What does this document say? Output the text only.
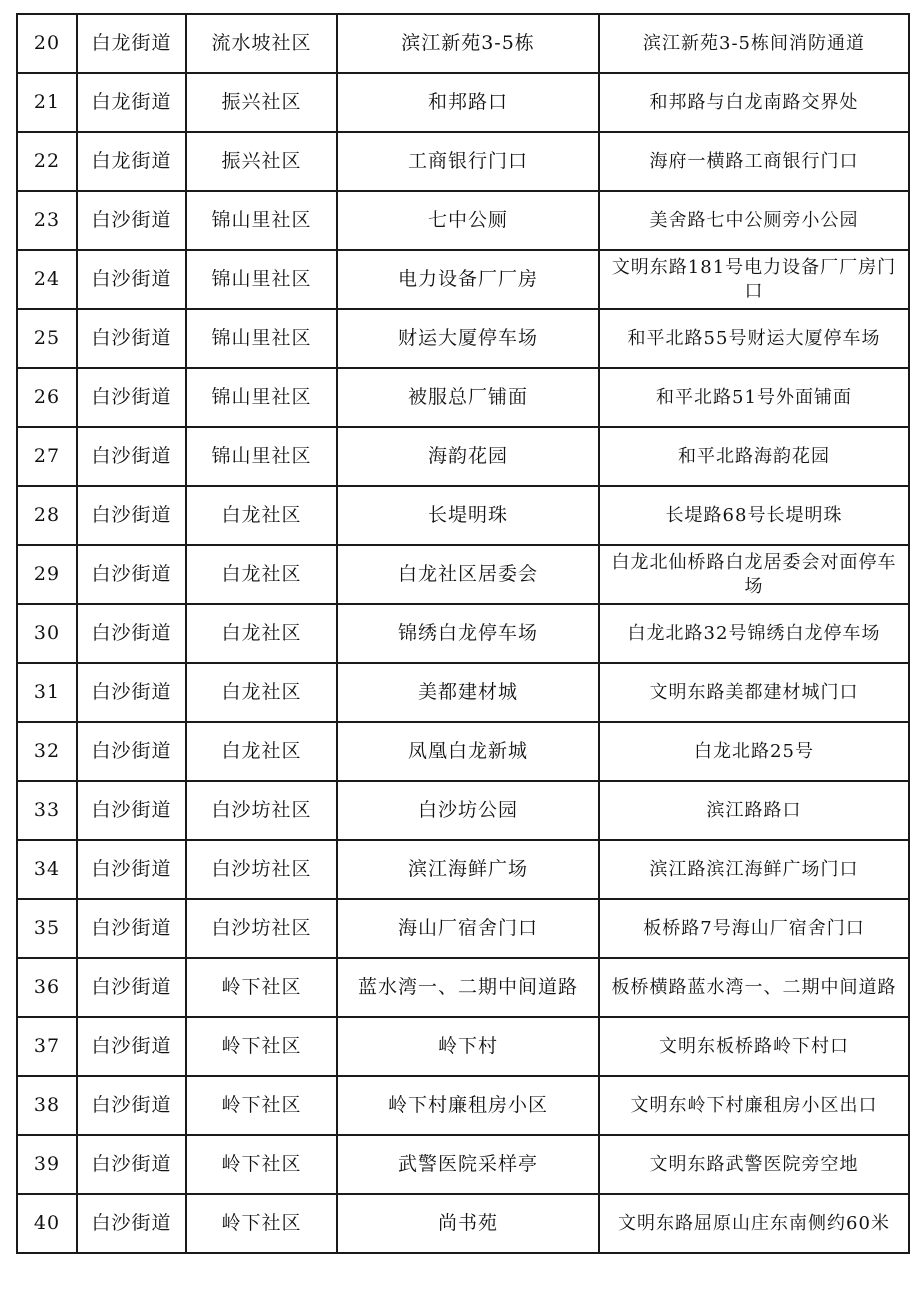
20	白龙街道	流水坡社区	滨江新苑3-5栋	滨江新苑3-5栋间消防通道
21	白龙街道	振兴社区	和邦路口	和邦路与白龙南路交界处
22	白龙街道	振兴社区	工商银行门口	海府一横路工商银行门口
23	白沙街道	锦山里社区	七中公厕	美舍路七中公厕旁小公园
24	白沙街道	锦山里社区	电力设备厂厂房	文明东路181号电力设备厂厂房门口
25	白沙街道	锦山里社区	财运大厦停车场	和平北路55号财运大厦停车场
26	白沙街道	锦山里社区	被服总厂铺面	和平北路51号外面铺面
27	白沙街道	锦山里社区	海韵花园	和平北路海韵花园
28	白沙街道	白龙社区	长堤明珠	长堤路68号长堤明珠
29	白沙街道	白龙社区	白龙社区居委会	白龙北仙桥路白龙居委会对面停车场
30	白沙街道	白龙社区	锦绣白龙停车场	白龙北路32号锦绣白龙停车场
31	白沙街道	白龙社区	美都建材城	文明东路美都建材城门口
32	白沙街道	白龙社区	凤凰白龙新城	白龙北路25号
33	白沙街道	白沙坊社区	白沙坊公园	滨江路路口
34	白沙街道	白沙坊社区	滨江海鲜广场	滨江路滨江海鲜广场门口
35	白沙街道	白沙坊社区	海山厂宿舍门口	板桥路7号海山厂宿舍门口
36	白沙街道	岭下社区	蓝水湾一、二期中间道路	板桥横路蓝水湾一、二期中间道路
37	白沙街道	岭下社区	岭下村	文明东板桥路岭下村口
38	白沙街道	岭下社区	岭下村廉租房小区	文明东岭下村廉租房小区出口
39	白沙街道	岭下社区	武警医院采样亭	文明东路武警医院旁空地
40	白沙街道	岭下社区	尚书苑	文明东路屈原山庄东南侧约60米
